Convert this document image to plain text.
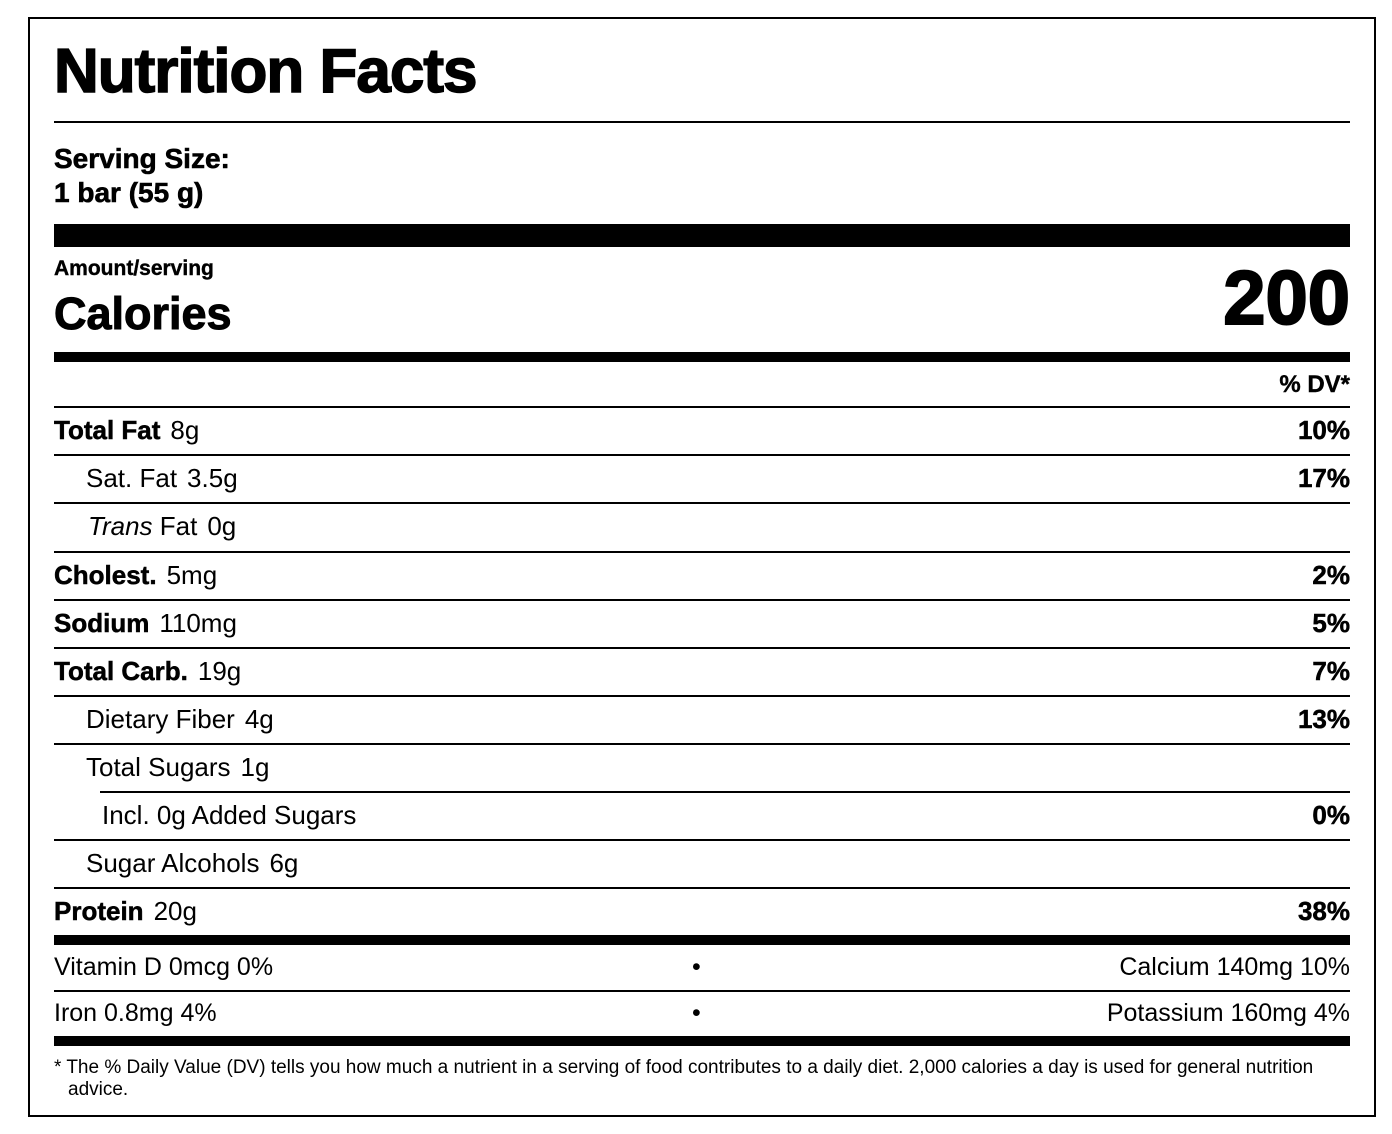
Nutrition Facts
Serving Size:
1 bar (55 g)
Amount/serving
Calories	200
% DV*
Total Fat 8g	10%
Sat. Fat 3.5g	17%
Trans Fat 0g
Cholest. 5mg	2%
Sodium 110mg	5%
Total Carb. 19g	7%
Dietary Fiber 4g	13%
Total Sugars 1g
Incl. 0g Added Sugars	0%
Sugar Alcohols 6g
Protein 20g	38%
Vitamin D 0mcg 0%	•	Calcium 140mg 10%
Iron 0.8mg 4%	•	Potassium 160mg 4%
* The % Daily Value (DV) tells you how much a nutrient in a serving of food contributes to a daily diet. 2,000 calories a day is used for general nutrition advice.
